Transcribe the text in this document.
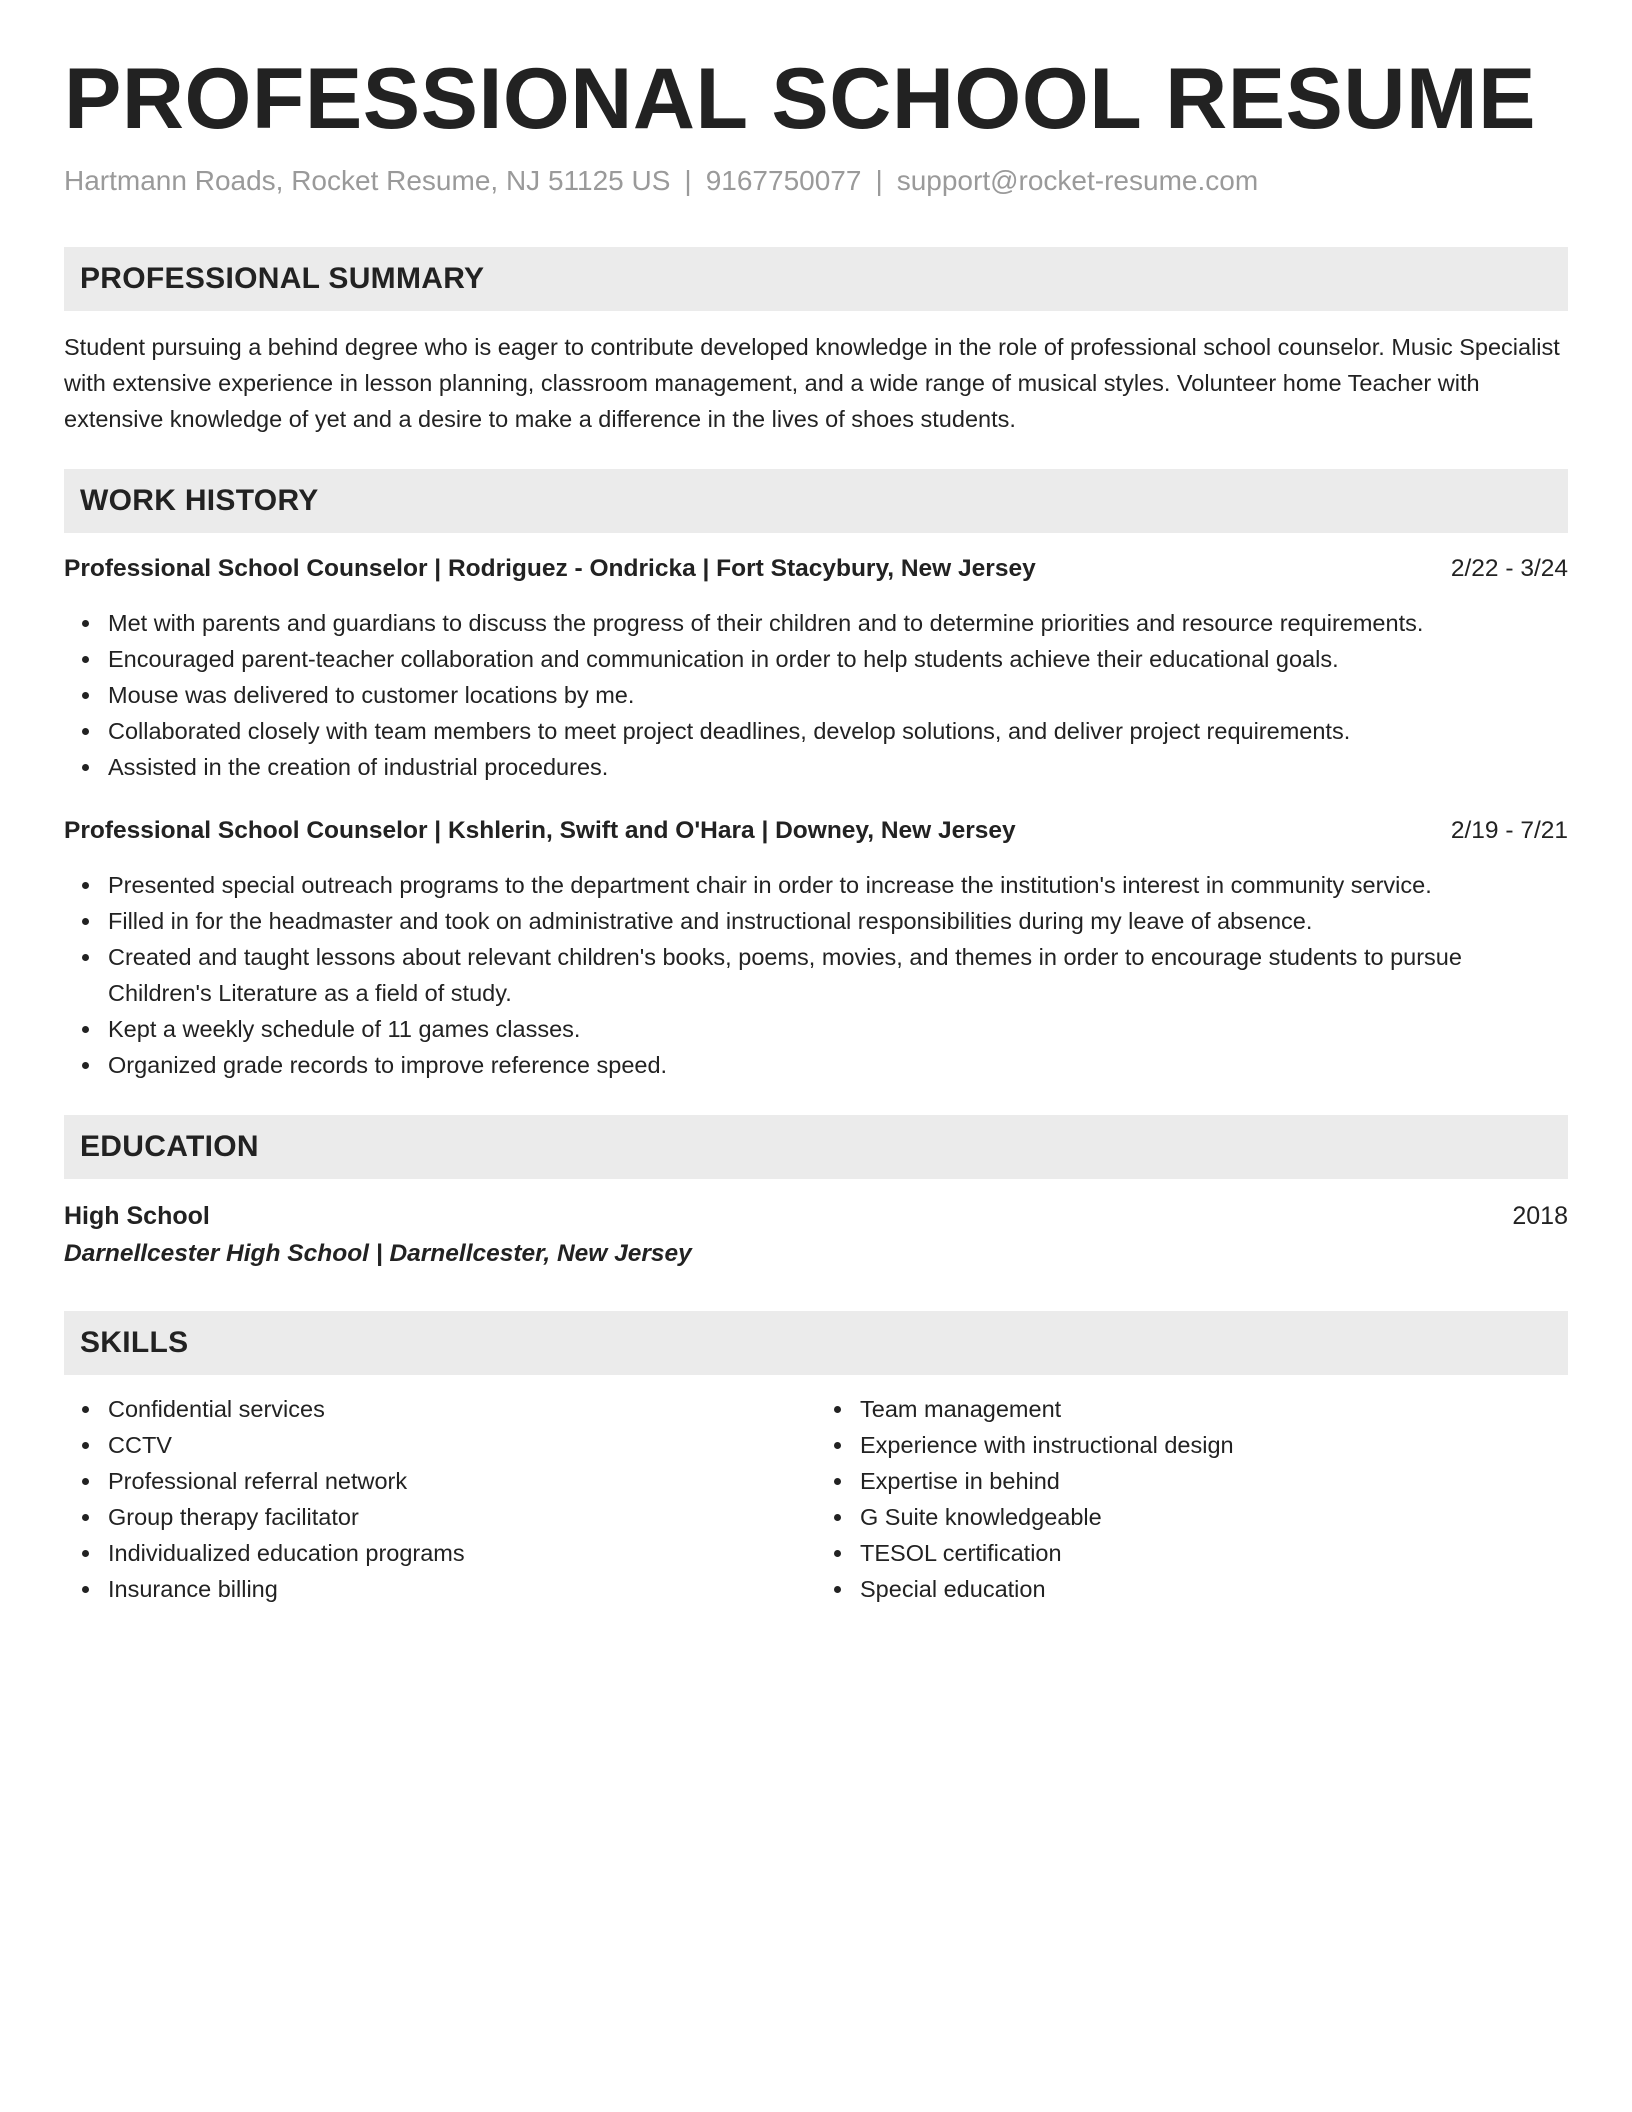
PROFESSIONAL SCHOOL RESUME
Hartmann Roads, Rocket Resume, NJ 51125 US | 9167750077 | support@rocket-resume.com
PROFESSIONAL SUMMARY

Student pursuing a behind degree who is eager to contribute developed knowledge in the role of professional school counselor. Music Specialist with extensive experience in lesson planning, classroom management, and a wide range of musical styles. Volunteer home Teacher with extensive knowledge of yet and a desire to make a difference in the lives of shoes students.

WORK HISTORY
Professional School Counselor | Rodriguez - Ondricka | Fort Stacybury, New Jersey	2/22 - 3/24
Met with parents and guardians to discuss the progress of their children and to determine priorities and resource requirements.
Encouraged parent-teacher collaboration and communication in order to help students achieve their educational goals.
Mouse was delivered to customer locations by me.
Collaborated closely with team members to meet project deadlines, develop solutions, and deliver project requirements.
Assisted in the creation of industrial procedures.
Professional School Counselor | Kshlerin, Swift and O'Hara | Downey, New Jersey	2/19 - 7/21
Presented special outreach programs to the department chair in order to increase the institution's interest in community service.
Filled in for the headmaster and took on administrative and instructional responsibilities during my leave of absence.
Created and taught lessons about relevant children's books, poems, movies, and themes in order to encourage students to pursue Children's Literature as a field of study.
Kept a weekly schedule of 11 games classes.
Organized grade records to improve reference speed.
EDUCATION
High School	2018
Darnellcester High School | Darnellcester, New Jersey
SKILLS
Confidential services
CCTV
Professional referral network
Group therapy facilitator
Individualized education programs
Insurance billing
Team management
Experience with instructional design
Expertise in behind
G Suite knowledgeable
TESOL certification
Special education
